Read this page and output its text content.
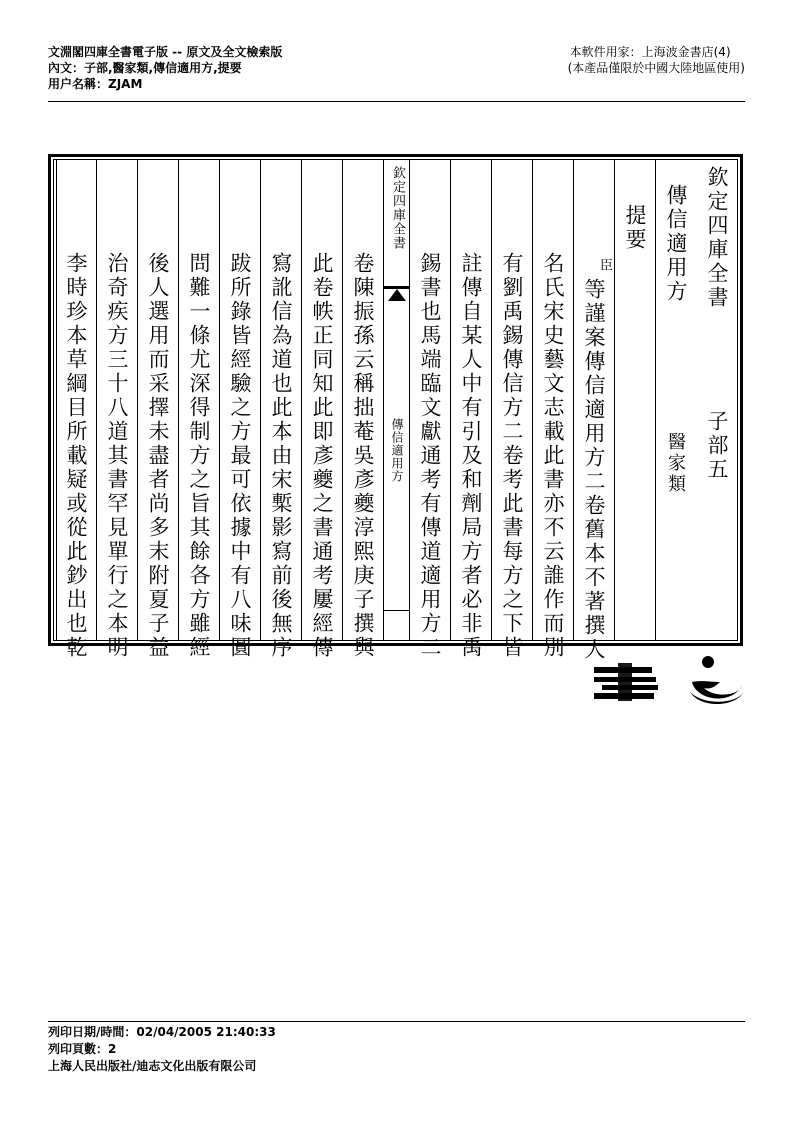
文淵閣四庫全書電子版 -- 原文及全文檢索版
內文：子部,醫家類,傳信適用方,提要
用户名稱：ZJAM
本軟件用家：上海波金書店(4)
(本產品僅限於中國大陸地區使用)
欽定四庫全書
子部五
傳信適用方
醫家類
提要
臣
等謹案傳信適用方二卷舊本不著撰人
名氏宋史藝文志載此書亦不云誰作而別
有劉禹錫傳信方二卷考此書每方之下皆
註傳自某人中有引及和劑局方者必非禹
錫書也馬端臨文獻通考有傳道適用方二
欽定四庫全書
傳信適用方
卷陳振孫云稱拙菴吳彥夔淳熙庚子撰與
此卷帙正同知此即彥夔之書通考屢經傳
寫訛信為道也此本由宋槧影寫前後無序
跋所錄皆經驗之方最可依據中有八味圓
問難一條尤深得制方之旨其餘各方雖經
後人選用而采擇未盡者尚多末附夏子益
治奇疾方三十八道其書罕見單行之本明
李時珍本草綱目所載疑或從此鈔出也乾
列印日期/時間：02/04/2005 21:40:33
列印頁數：2
上海人民出版社/迪志文化出版有限公司
